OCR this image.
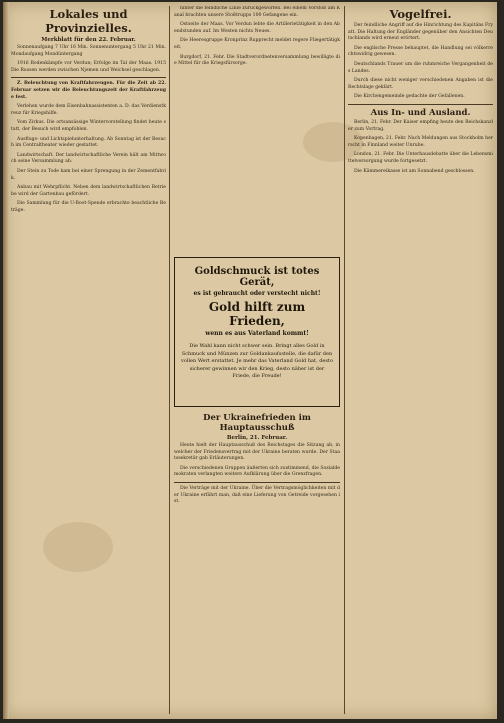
Lokales und Provinzielles.
Merkblatt für den 22. Februar.

Sonnenaufgang 7 Uhr 16 Min. Sonnenuntergang 5 Uhr 21 Min. Mondaufgang Mondüntergang

1916 Bodenkämpfe vor Verdun; Erfolge im Tal der Maas. 1915 Die Russen werden zwischen Njemen und Weichsel geschlagen.

Z. Beleuchtung von Kraftfahrzeugen. Für die Zeit ab 22. Februar setzen wir die Beleuchtungszeit der Kraftfahrzeuge fest.

Verlehen wurde dem Eisenbahnassistenten a. D. das Verdienstkreuz für Kriegshilfe.

Vom Zirkus. Die ortsansässige Wintervorstellung findet heute statt, der Besuch wird empfohlen.

Ausflugs- und Lichtspielunterhaltung. Ab Sonntag ist der Besuch im Centraltheater wieder gestattet.

Landwirtschaft. Der landwirtschaftliche Verein hält am Mittwoch seine Versammlung ab.

Der Stein zu Tode kam bei einer Sprengung in der Zementfabrik.

Anbau mit Wehrpflicht. Neben dem landwirtschaftlichen Betriebe wird der Gartenbau gefördert.

Die Sammlung für die U-Boot-Spende erbrachte beachtliche Beträge.

hinter die feindliche Linie zurückgeworfen. Bei einem Vorstoß am Kanal brachten unsere Stoßtrupps 100 Gefangene ein.

Ostseite der Maas. Vor Verdun lebte die Artillerietätigkeit in den Abendstunden auf. Im Westen nichts Neues.

Die Heeresgruppe Kronprinz Rupprecht meldet regere Fliegertätigkeit.

Burgdorf, 21. Febr. Die Stadtverordnetenversammlung bewilligte die Mittel für die Kriegsfürsorge.

Goldschmuck ist totes Gerät,
es ist gebraucht oder verstecht nicht!
Gold hilft zum Frieden,
wenn es aus Vaterland kommt!
Die Wahl kann nicht schwer sein. Bringt alles Gold in Schmuck und Münzen zur Goldankaufsstelle, die dafür den vollen Wert erstattet. Je mehr das Vaterland Gold hat, desto sicherer gewinnen wir den Krieg, desto näher ist der Friede, die Freude!
Der Ukrainefrieden im Hauptausschuß
Berlin, 21. Februar.

Heute hielt der Hauptausschuß des Reichstages die Sitzung ab, in welcher der Friedensvertrag mit der Ukraine beraten wurde. Der Staatssekretär gab Erläuterungen.

Die verschiedenen Gruppen äußerten sich zustimmend, die Sozialdemokraten verlangten weitere Aufklärung über die Grenzfragen.

Die Verträge mit der Ukraine. Über die Vertragsmöglichkeiten mit der Ukraine erfährt man, daß eine Lieferung von Getreide vorgesehen ist.

Vogelfrei.

Der feindliche Angriff auf die Hinrichtung des Kapitäns Fryatt. Die Haltung der Engländer gegenüber den Ansichten Deutschlands wird erneut erörtert.

Die englische Presse behauptet, die Handlung sei völkerrechtswidrig gewesen.

Deutschlands Trauer um die ruhmreiche Vergangenheit des Landes.

Durch diese nicht weniger verschiedenen Angaben ist die Rechtslage geklärt.

Die Kirchengemeinde gedachte der Gefallenen.

Aus In- und Ausland.

Berlin, 21. Febr. Der Kaiser empfing heute den Reichskanzler zum Vortrag.

Kopenhagen, 21. Febr. Nach Meldungen aus Stockholm herrscht in Finnland weiter Unruhe.

London, 21. Febr. Die Unterhausdebatte über die Lebensmittelversorgung wurde fortgesetzt.

Die Kämmereikasse ist am Sonnabend geschlossen.
